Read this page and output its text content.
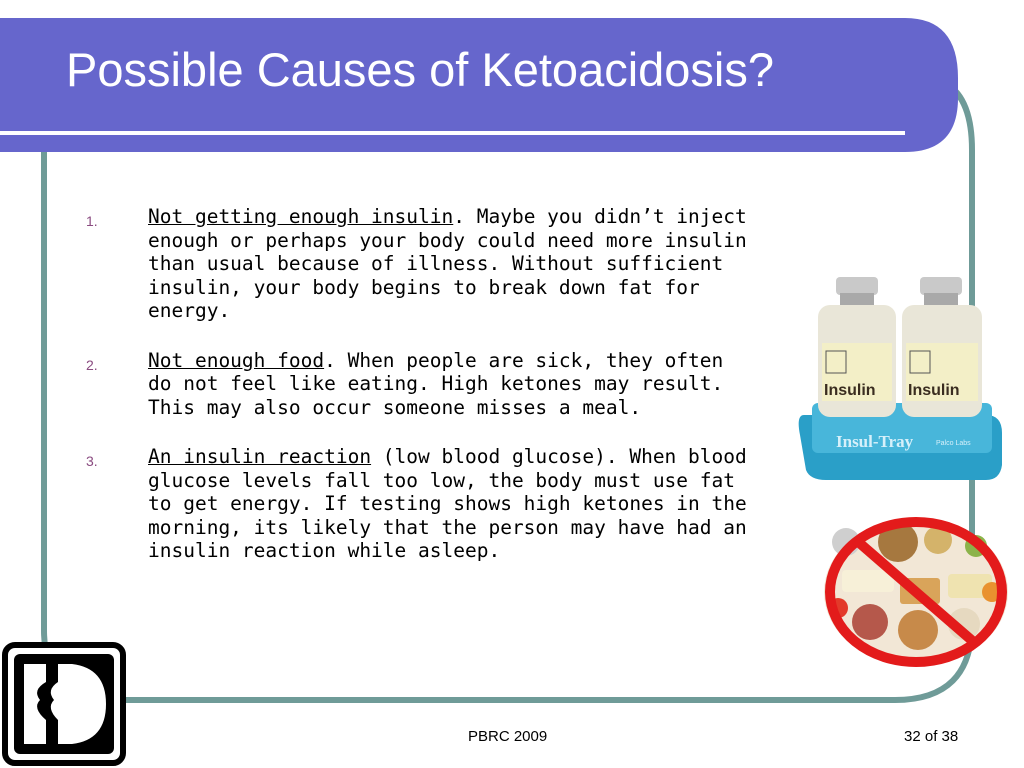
Possible Causes of Ketoacidosis?
1.	Not getting enough insulin. Maybe you didn’t inject enough or perhaps your body could need more insulin than usual because of illness. Without sufficient insulin, your body begins to break down fat for energy.
2.	Not enough food. When people are sick, they often do not feel like eating. High ketones may result. This may also occur someone misses a meal.
3.	An insulin reaction (low blood glucose). When blood glucose levels fall too low, the body must use fat to get energy. If testing shows high ketones in the morning, its likely that the person may have had an insulin reaction while asleep.
Insulin Insulin
Insul-Tray	Palco Labs
PBRC 2009	32 of 38
